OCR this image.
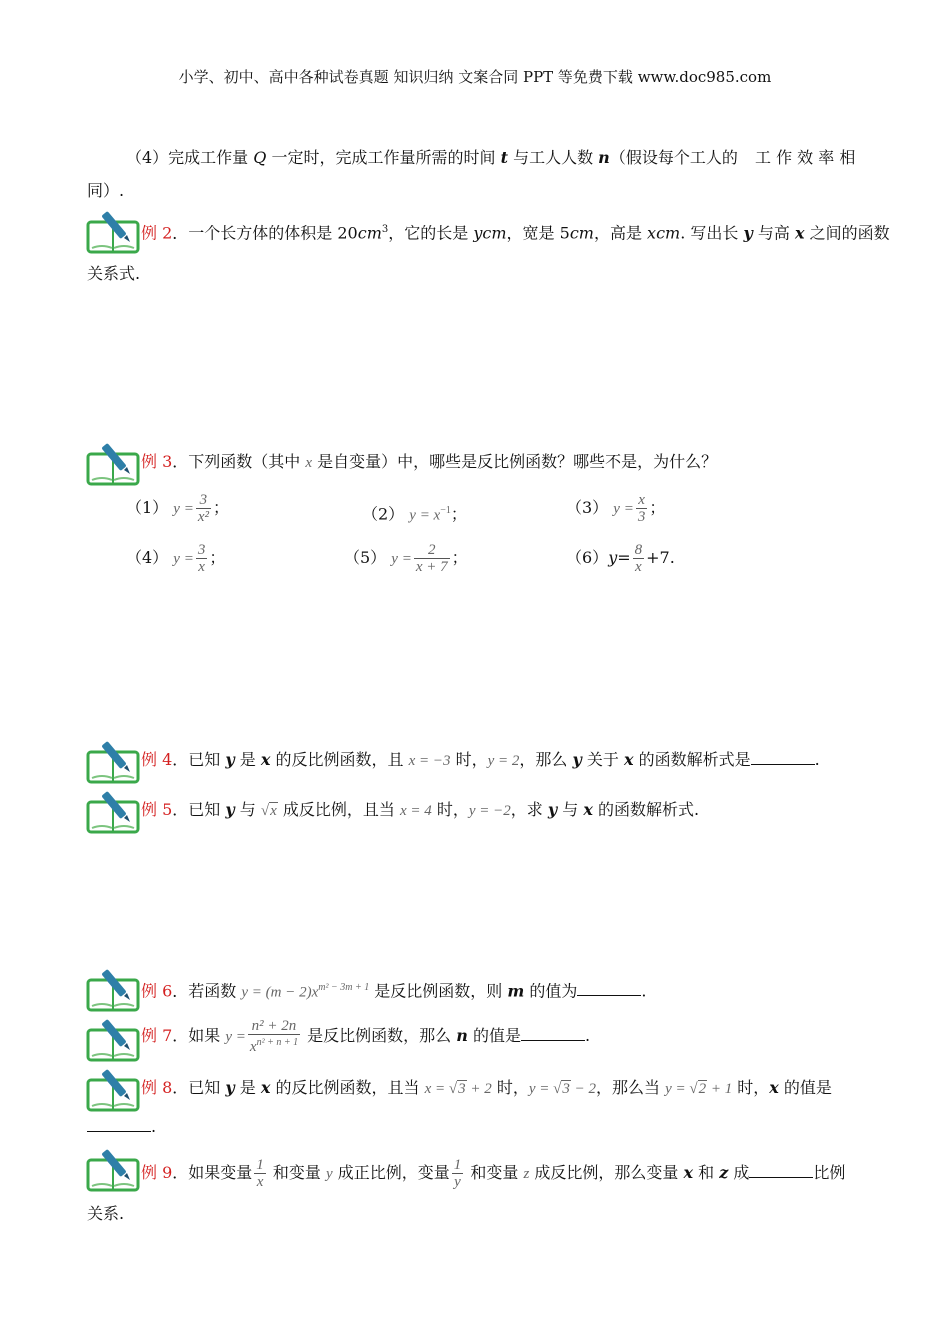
小学、初中、高中各种试卷真题 知识归纳 文案合同 PPT 等免费下载 www.doc985.com
（4）完成工作量 Q 一定时，完成工作量所需的时间 t 与工人人数 n（假设每个工人的 工 作 效 率 相
同）.
例 2．一个长方体的体积是 $20cm^3$，它的长是 ycm，宽是 5cm，高是 xcm. 写出长 y 与高 x 之间的函数
关系式.
例 3．下列函数（其中 x 是自变量）中，哪些是反比例函数？哪些不是，为什么？
（1） $y = \frac{3}{\text{x²}}$ ；	（2） $y = x^{-1}$；	（3） $y = \frac{x}{3}$ ；
（4） $y = \frac{3}{x}$ ；	（5） $y = \frac{2}{x + 7}$ ；	$(6)y= \frac{8}{x} +7$.
例 4．已知 y 是 x 的反比例函数，且 x = −3 时，y = 2，那么 y 关于 x 的函数解析式是	.
例 5．已知 y 与 √x 成反比例，且当 x = 4 时，y = −2，求 y 与 x 的函数解析式.
例 6．若函数 $y = (m - 2)x^{m^2 - 3m + 1}$ 是反比例函数，则 m 的值为	.
例 7．如果 $y = \frac{\text{n² + 2n}}{x^{n^2 + n + 1}}$ 是反比例函数，那么 n 的值是	.
例 8．已知 y 是 x 的反比例函数，且当 x = √3 + 2 时，y = √3 − 2，那么当 y = √2 + 1 时，x 的值是
.
例 9．如果变量 $\frac{1}{x}$ 和变量 y 成正比例，变量 $\frac{1}{y}$ 和变量 z 成反比例，那么变量 x 和 z 成	比例
关系.
